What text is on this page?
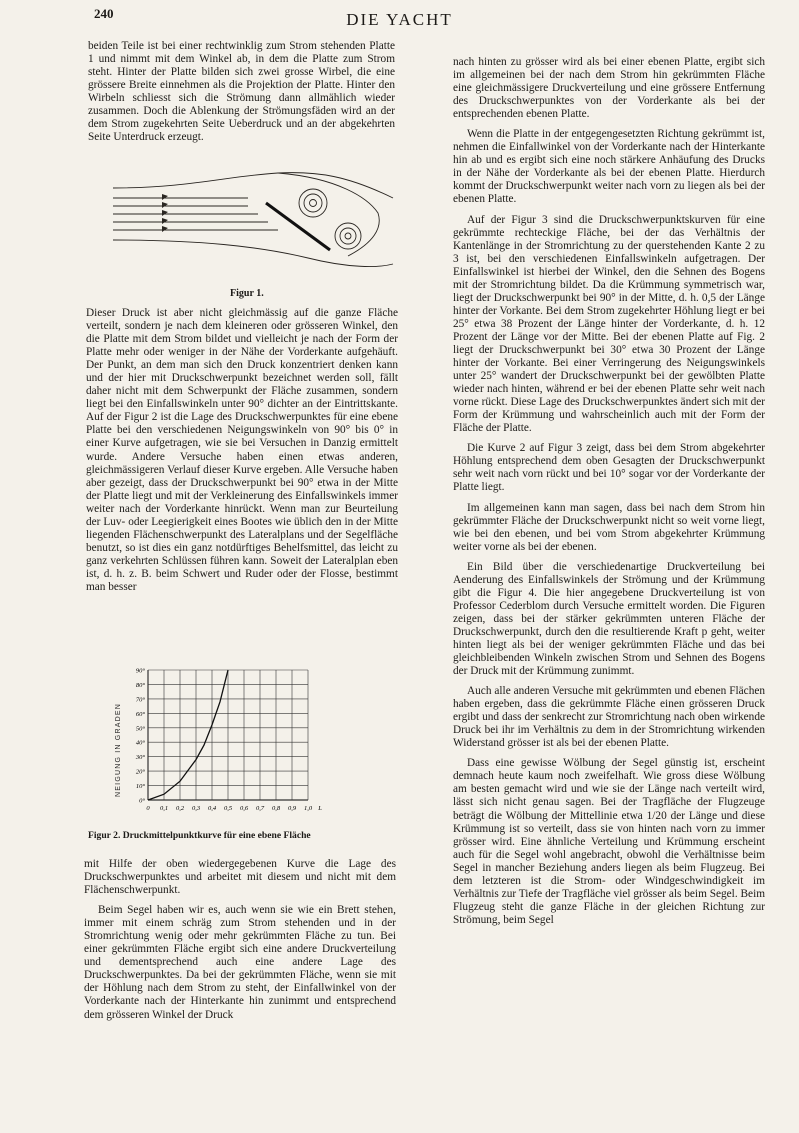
240	DIE YACHT

beiden Teile ist bei einer rechtwinklig zum Strom stehenden Platte 1 und nimmt mit dem Winkel ab, in dem die Platte zum Strom steht. Hinter der Platte bilden sich zwei grosse Wirbel, die eine grössere Breite einnehmen als die Projektion der Platte. Hinter den Wirbeln schliesst sich die Strömung dann allmählich wieder zusammen. Doch die Ablenkung der Strömungsfäden wird an der dem Strom zugekehrten Seite Ueberdruck und an der abgekehrten Seite Unterdruck erzeugt.

Figur 1.

Dieser Druck ist aber nicht gleichmässig auf die ganze Fläche verteilt, sondern je nach dem kleineren oder grösseren Winkel, den die Platte mit dem Strom bildet und vielleicht je nach der Form der Platte mehr oder weniger in der Nähe der Vorderkante aufgehäuft. Der Punkt, an dem man sich den Druck konzentriert denken kann und der hier mit Druckschwerpunkt bezeichnet werden soll, fällt daher nicht mit dem Schwerpunkt der Fläche zusammen, sondern liegt bei den Einfallswinkeln unter 90° dichter an der Eintrittskante. Auf der Figur 2 ist die Lage des Druckschwerpunktes für eine ebene Platte bei den verschiedenen Neigungswinkeln von 90° bis 0° in einer Kurve aufgetragen, wie sie bei Versuchen in Danzig ermittelt wurde. Andere Versuche haben einen etwas anderen, gleichmässigeren Verlauf dieser Kurve ergeben. Alle Versuche haben aber gezeigt, dass der Druckschwerpunkt bei 90° etwa in der Mitte der Platte liegt und mit der Verkleinerung des Einfallswinkels immer weiter nach der Vorderkante hinrückt. Wenn man zur Beurteilung der Luv- oder Leegierigkeit eines Bootes wie üblich den in der Mitte liegenden Flächenschwerpunkt des Lateralplans und der Segelfläche benutzt, so ist dies ein ganz notdürftiges Behelfsmittel, das leicht zu ganz verkehrten Schlüssen führen kann. Soweit der Lateralplan eben ist, d. h. z. B. beim Schwert und Ruder oder der Flosse, bestimmt man besser

0 0,1 0,2 0,3 0,4 0,5 0,6 0,7 0,8 0,9 1,0 L
0°
10°
20°
30°
40°
50°
60°
70°
80°
90°
NEIGUNG IN GRADEN
Figur 2. Druckmittelpunktkurve für eine ebene Fläche

mit Hilfe der oben wiedergegebenen Kurve die Lage des Druckschwerpunktes und arbeitet mit diesem und nicht mit dem Flächenschwerpunkt.

Beim Segel haben wir es, auch wenn sie wie ein Brett stehen, immer mit einem schräg zum Strom stehenden und in der Stromrichtung wenig oder mehr gekrümmten Fläche zu tun. Bei einer gekrümmten Fläche ergibt sich eine andere Druckverteilung und dementsprechend auch eine andere Lage des Druckschwerpunktes. Da bei der gekrümmten Fläche, wenn sie mit der Höhlung nach dem Strom zu steht, der Einfallwinkel von der Vorderkante nach der Hinterkante hin zunimmt und entsprechend dem grösseren Winkel der Druck

nach hinten zu grösser wird als bei einer ebenen Platte, ergibt sich im allgemeinen bei der nach dem Strom hin gekrümmten Fläche eine gleichmässigere Druckverteilung und eine grössere Entfernung des Druckschwerpunktes von der Vorderkante als bei der entsprechenden ebenen Platte.

Wenn die Platte in der entgegengesetzten Richtung gekrümmt ist, nehmen die Einfallwinkel von der Vorderkante nach der Hinterkante hin ab und es ergibt sich eine noch stärkere Anhäufung des Drucks in der Nähe der Vorderkante als bei der ebenen Platte. Hierdurch kommt der Druckschwerpunkt weiter nach vorn zu liegen als bei der ebenen Platte.

Auf der Figur 3 sind die Druckschwerpunktskurven für eine gekrümmte rechteckige Fläche, bei der das Verhältnis der Kantenlänge in der Stromrichtung zu der querstehenden Kante 2 zu 3 ist, bei den verschiedenen Einfallswinkeln aufgetragen. Der Einfallswinkel ist hierbei der Winkel, den die Sehnen des Bogens mit der Stromrichtung bildet. Da die Krümmung symmetrisch war, liegt der Druckschwerpunkt bei 90° in der Mitte, d. h. 0,5 der Länge hinter der Vorkante. Bei dem Strom zugekehrter Höhlung liegt er bei 25° etwa 38 Prozent der Länge hinter der Vorderkante, d. h. 12 Prozent der Länge vor der Mitte. Bei der ebenen Platte auf Fig. 2 liegt der Druckschwerpunkt bei 30° etwa 30 Prozent der Länge hinter der Vorkante. Bei einer Verringerung des Neigungswinkels unter 25° wandert der Druckschwerpunkt bei der gewölbten Platte wieder nach hinten, während er bei der ebenen Platte sehr weit nach vorne rückt. Diese Lage des Druckschwerpunktes ändert sich mit der Form der Krümmung und wahrscheinlich auch mit der Form der Fläche der Platte.

Die Kurve 2 auf Figur 3 zeigt, dass bei dem Strom abgekehrter Höhlung entsprechend dem oben Gesagten der Druckschwerpunkt sehr weit nach vorn rückt und bei 10° sogar vor der Vorderkante der Platte liegt.

Im allgemeinen kann man sagen, dass bei nach dem Strom hin gekrümmter Fläche der Druckschwerpunkt nicht so weit vorne liegt, wie bei den ebenen, und bei vom Strom abgekehrter Krümmung weiter vorne als bei der ebenen.

Ein Bild über die verschiedenartige Druckverteilung bei Aenderung des Einfallswinkels der Strömung und der Krümmung gibt die Figur 4. Die hier angegebene Druckverteilung ist von Professor Cederblom durch Versuche ermittelt worden. Die Figuren zeigen, dass bei der stärker gekrümmten unteren Fläche der Druckschwerpunkt, durch den die resultierende Kraft p geht, weiter hinten liegt als bei der weniger gekrümmten Fläche und das bei gleichbleibenden Winkeln zwischen Strom und Sehnen des Bogens der Druck mit der Krümmung zunimmt.

Auch alle anderen Versuche mit gekrümmten und ebenen Flächen haben ergeben, dass die gekrümmte Fläche einen grösseren Druck ergibt und dass der senkrecht zur Stromrichtung nach oben wirkende Druck bei ihr im Verhältnis zu dem in der Stromrichtung wirkenden Widerstand grösser ist als bei der ebenen Platte.

Dass eine gewisse Wölbung der Segel günstig ist, erscheint demnach heute kaum noch zweifelhaft. Wie gross diese Wölbung am besten gemacht wird und wie sie der Länge nach verteilt wird, lässt sich nicht genau sagen. Bei der Tragfläche der Flugzeuge beträgt die Wölbung der Mittellinie etwa 1/20 der Länge und diese Krümmung ist so verteilt, dass sie von hinten nach vorn zu immer grösser wird. Eine ähnliche Verteilung und Krümmung erscheint auch für die Segel wohl angebracht, obwohl die Verhältnisse beim Segel in mancher Beziehung anders liegen als beim Flugzeug. Bei dem letzteren ist die Strom- oder Windgeschwindigkeit im Verhältnis zur Tiefe der Tragfläche viel grösser als beim Segel. Beim Flugzeug steht die ganze Fläche in der gleichen Richtung zur Strömung, beim Segel
